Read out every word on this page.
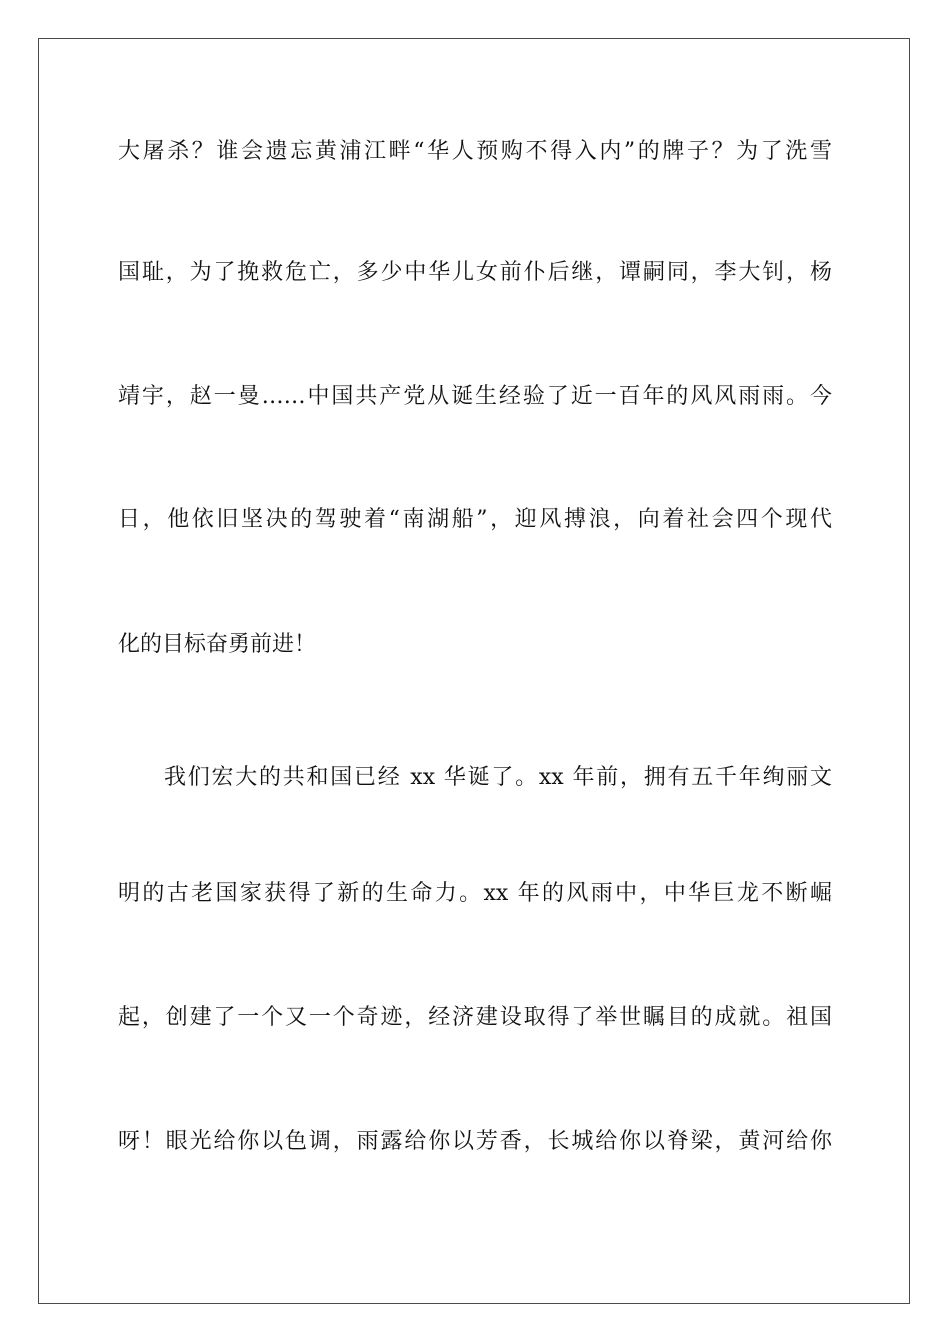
大屠杀？谁会遗忘黄浦江畔“华人预购不得入内”的牌子？为了洗雪

国耻，为了挽救危亡，多少中华儿女前仆后继，谭嗣同，李大钊，杨

靖宇，赵一曼……中国共产党从诞生经验了近一百年的风风雨雨。今

日，他依旧坚决的驾驶着“南湖船”，迎风搏浪，向着社会四个现代

化的目标奋勇前进！

我们宏大的共和国已经 xx 华诞了。xx 年前，拥有五千年绚丽文

明的古老国家获得了新的生命力。xx 年的风雨中，中华巨龙不断崛

起，创建了一个又一个奇迹，经济建设取得了举世瞩目的成就。祖国

呀！眼光给你以色调，雨露给你以芳香，长城给你以脊梁，黄河给你
